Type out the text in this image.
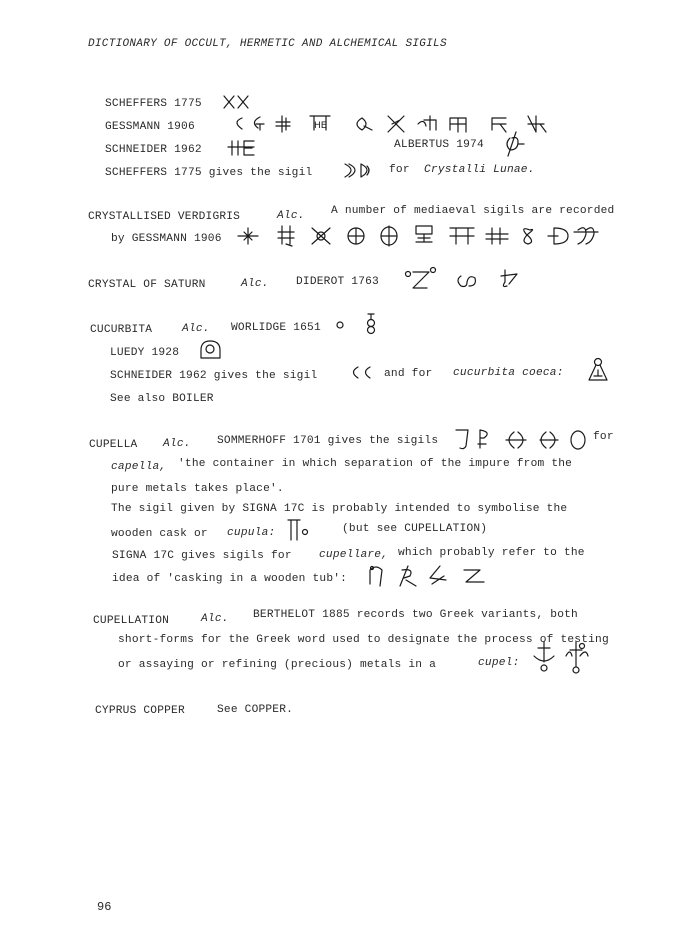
DICTIONARY OF OCCULT, HERMETIC AND ALCHEMICAL SIGILS
SCHEFFERS 1775
GESSMANN 1906	HE
SCHNEIDER 1962	ALBERTUS 1974
SCHEFFERS 1775 gives the sigil	for Crystalli Lunae.
CRYSTALLISED VERDIGRIS	Alc. A number of mediaeval sigils are recorded
by GESSMANN 1906
CRYSTAL OF SATURN	Alc. DIDEROT 1763
CUCURBITA	Alc. WORLIDGE 1651
LUEDY 1928
SCHNEIDER 1962 gives the sigil	and for cucurbita coeca:
See also BOILER
CUPELLA Alc. SOMMERHOFF 1701 gives the sigils	for
capella, 'the container in which separation of the impure from the
pure metals takes place'.
The sigil given by SIGNA 17C is probably intended to symbolise the
wooden cask or cupula:	(but see CUPELLATION)
SIGNA 17C gives sigils for cupellare, which probably refer to the
idea of 'casking in a wooden tub':
CUPELLATION	Alc. BERTHELOT 1885 records two Greek variants, both
short-forms for the Greek word used to designate the process of testing
or assaying or refining (precious) metals in a	cupel:
CYPRUS COPPER	See COPPER.
96
